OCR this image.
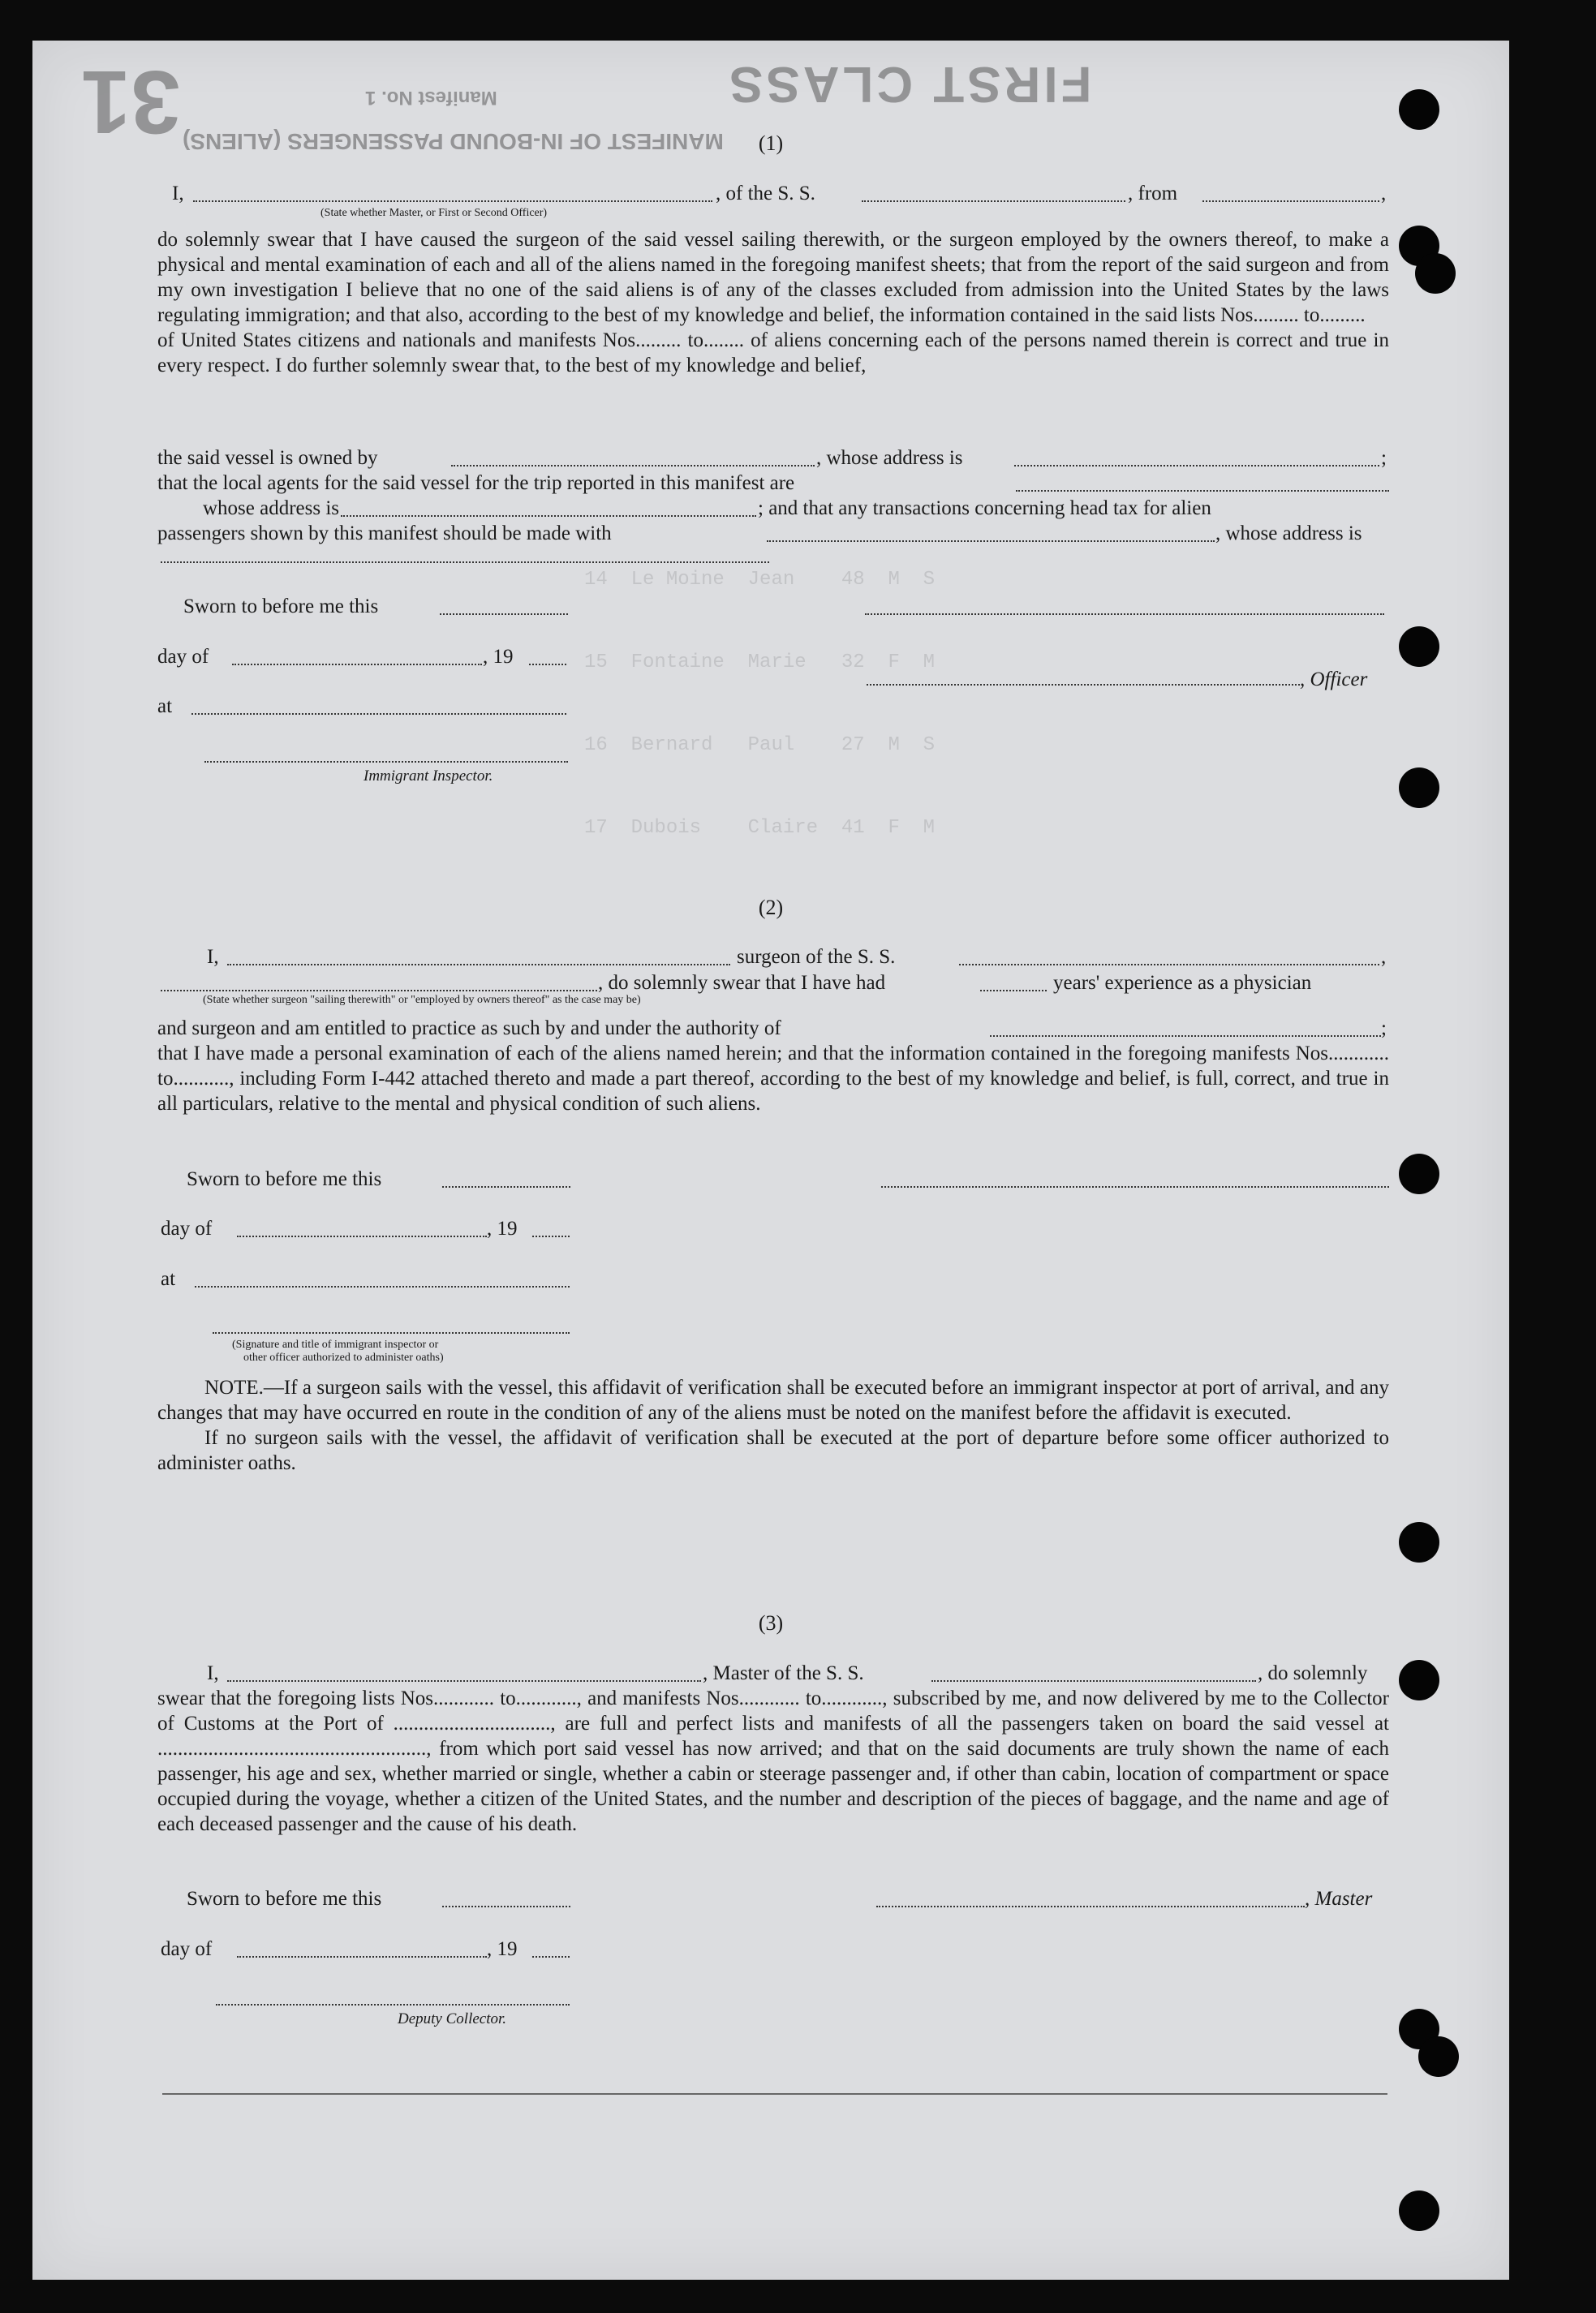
31	FIRST CLASS
Manifest No. 1
MANIFEST OF IN-BOUND PASSENGERS (ALIENS)

14  Le Moine  Jean    48  M  S

15  Fontaine  Marie   32  F  M

16  Bernard   Paul    27  M  S

17  Dubois    Claire  41  F  M

(1)
I,	, of the S. S.	, from	,
(State whether Master, or First or Second Officer)

do solemnly swear that I have caused the surgeon of the said vessel sailing therewith, or the surgeon employed by the owners thereof, to make a physical and mental examination of each and all of the aliens named in the foregoing manifest sheets; that from the report of the said surgeon and from my own investigation I believe that no one of the said aliens is of any of the classes excluded from admission into the United States by the laws regulating immigration; and that also, according to the best of my knowledge and belief, the information contained in the said lists Nos......... to.........

of United States citizens and nationals and manifests Nos......... to........ of aliens concerning each of the persons named therein is correct and true in every respect. I do further solemnly swear that, to the best of my knowledge and belief,

the said vessel is owned by	, whose address is	;
that the local agents for the said vessel for the trip reported in this manifest are
whose address is	; and that any transactions concerning head tax for alien
passengers shown by this manifest should be made with	, whose address is
Sworn to before me this
day of	, 19
, Officer
at
Immigrant Inspector.
(2)
I,	surgeon of the S. S.	,
, do solemnly swear that I have had	years' experience as a physician
(State whether surgeon "sailing therewith" or "employed by owners thereof" as the case may be)
and surgeon and am entitled to practice as such by and under the authority of	;

that I have made a personal examination of each of the aliens named herein; and that the information contained in the foregoing manifests Nos............ to..........., including Form I-442 attached thereto and made a part thereof, according to the best of my knowledge and belief, is full, correct, and true in all particulars, relative to the mental and physical condition of such aliens.

Sworn to before me this
day of	, 19
at
(Signature and title of immigrant inspector or
other officer authorized to administer oaths)

NOTE.—If a surgeon sails with the vessel, this affidavit of verification shall be executed before an immigrant inspector at port of arrival, and any changes that may have occurred en route in the condition of any of the aliens must be noted on the manifest before the affidavit is executed.

If no surgeon sails with the vessel, the affidavit of verification shall be executed at the port of departure before some officer authorized to administer oaths.

(3)
I,	, Master of the S. S.	, do solemnly

swear that the foregoing lists Nos............ to............, and manifests Nos............ to............, subscribed by me, and now delivered by me to the Collector of Customs at the Port of ..............................., are full and perfect lists and manifests of all the passengers taken on board the said vessel at ....................................................., from which port said vessel has now arrived; and that on the said documents are truly shown the name of each passenger, his age and sex, whether married or single, whether a cabin or steerage passenger and, if other than cabin, location of compartment or space occupied during the voyage, whether a citizen of the United States, and the number and description of the pieces of baggage, and the name and age of each deceased passenger and the cause of his death.

Sworn to before me this	, Master
day of	, 19
Deputy Collector.
